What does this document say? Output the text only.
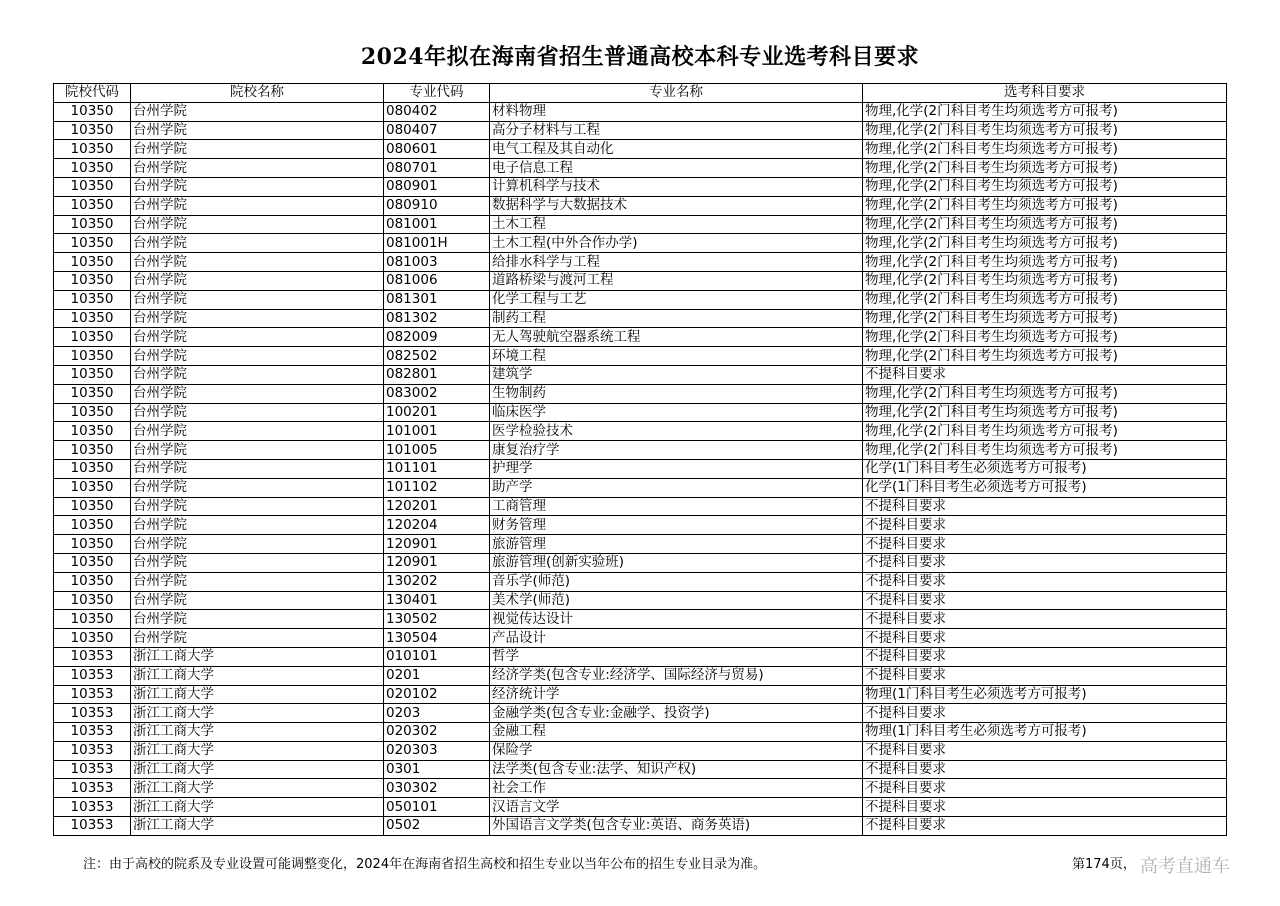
2024年拟在海南省招生普通高校本科专业选考科目要求
院校代码	院校名称	专业代码	专业名称	选考科目要求
10350	台州学院	080402	材料物理	物理,化学(2门科目考生均须选考方可报考)
10350	台州学院	080407	高分子材料与工程	物理,化学(2门科目考生均须选考方可报考)
10350	台州学院	080601	电气工程及其自动化	物理,化学(2门科目考生均须选考方可报考)
10350	台州学院	080701	电子信息工程	物理,化学(2门科目考生均须选考方可报考)
10350	台州学院	080901	计算机科学与技术	物理,化学(2门科目考生均须选考方可报考)
10350	台州学院	080910	数据科学与大数据技术	物理,化学(2门科目考生均须选考方可报考)
10350	台州学院	081001	土木工程	物理,化学(2门科目考生均须选考方可报考)
10350	台州学院	081001H	土木工程(中外合作办学)	物理,化学(2门科目考生均须选考方可报考)
10350	台州学院	081003	给排水科学与工程	物理,化学(2门科目考生均须选考方可报考)
10350	台州学院	081006	道路桥梁与渡河工程	物理,化学(2门科目考生均须选考方可报考)
10350	台州学院	081301	化学工程与工艺	物理,化学(2门科目考生均须选考方可报考)
10350	台州学院	081302	制药工程	物理,化学(2门科目考生均须选考方可报考)
10350	台州学院	082009	无人驾驶航空器系统工程	物理,化学(2门科目考生均须选考方可报考)
10350	台州学院	082502	环境工程	物理,化学(2门科目考生均须选考方可报考)
10350	台州学院	082801	建筑学	不提科目要求
10350	台州学院	083002	生物制药	物理,化学(2门科目考生均须选考方可报考)
10350	台州学院	100201	临床医学	物理,化学(2门科目考生均须选考方可报考)
10350	台州学院	101001	医学检验技术	物理,化学(2门科目考生均须选考方可报考)
10350	台州学院	101005	康复治疗学	物理,化学(2门科目考生均须选考方可报考)
10350	台州学院	101101	护理学	化学(1门科目考生必须选考方可报考)
10350	台州学院	101102	助产学	化学(1门科目考生必须选考方可报考)
10350	台州学院	120201	工商管理	不提科目要求
10350	台州学院	120204	财务管理	不提科目要求
10350	台州学院	120901	旅游管理	不提科目要求
10350	台州学院	120901	旅游管理(创新实验班)	不提科目要求
10350	台州学院	130202	音乐学(师范)	不提科目要求
10350	台州学院	130401	美术学(师范)	不提科目要求
10350	台州学院	130502	视觉传达设计	不提科目要求
10350	台州学院	130504	产品设计	不提科目要求
10353	浙江工商大学	010101	哲学	不提科目要求
10353	浙江工商大学	0201	经济学类(包含专业:经济学、国际经济与贸易)	不提科目要求
10353	浙江工商大学	020102	经济统计学	物理(1门科目考生必须选考方可报考)
10353	浙江工商大学	0203	金融学类(包含专业:金融学、投资学)	不提科目要求
10353	浙江工商大学	020302	金融工程	物理(1门科目考生必须选考方可报考)
10353	浙江工商大学	020303	保险学	不提科目要求
10353	浙江工商大学	0301	法学类(包含专业:法学、知识产权)	不提科目要求
10353	浙江工商大学	030302	社会工作	不提科目要求
10353	浙江工商大学	050101	汉语言文学	不提科目要求
10353	浙江工商大学	0502	外国语言文学类(包含专业:英语、商务英语)	不提科目要求
注：由于高校的院系及专业设置可能调整变化，2024年在海南省招生高校和招生专业以当年公布的招生专业目录为准。	第174页， 高考直通车
